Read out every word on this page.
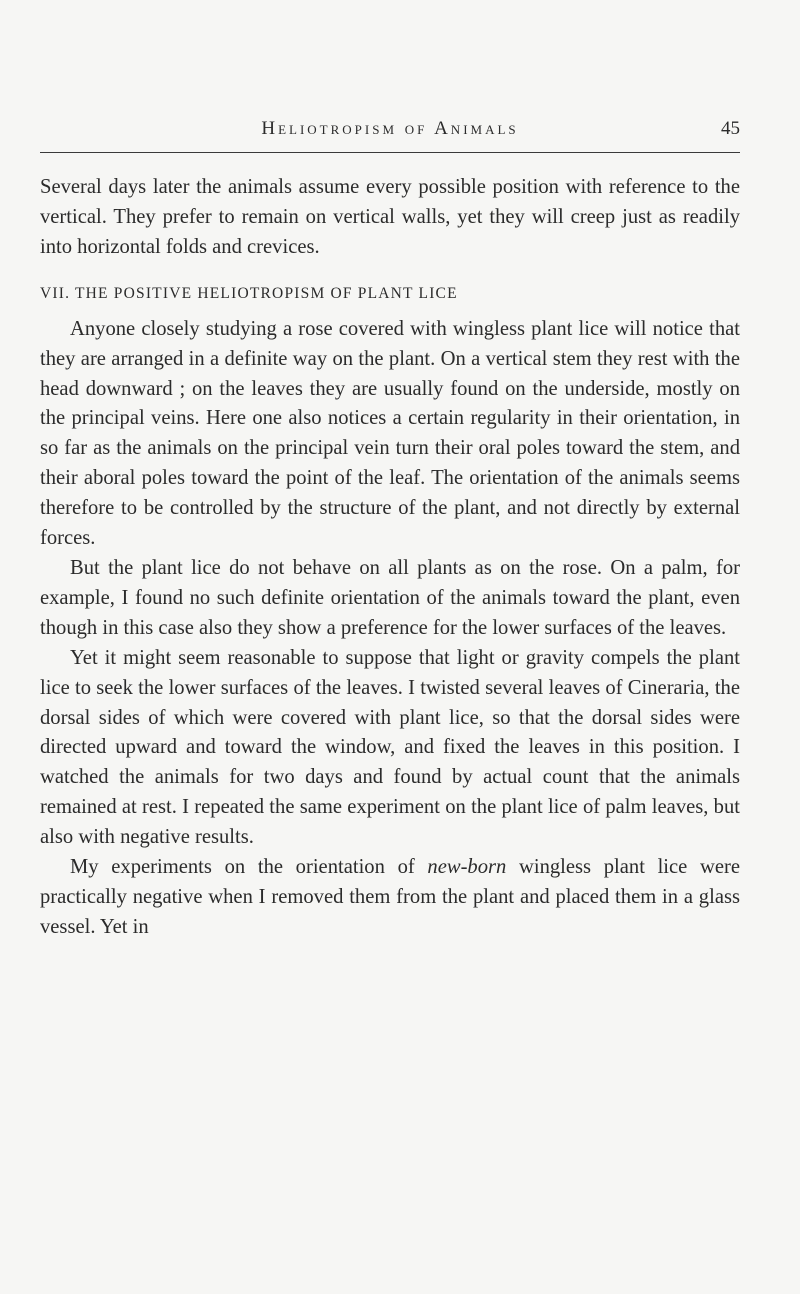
Heliotropism of Animals	45

Several days later the animals assume every possible position with reference to the vertical. They prefer to remain on vertical walls, yet they will creep just as readily into horizontal folds and crevices.

VII. THE POSITIVE HELIOTROPISM OF PLANT LICE

Anyone closely studying a rose covered with wingless plant lice will notice that they are arranged in a definite way on the plant. On a vertical stem they rest with the head downward ; on the leaves they are usually found on the underside, mostly on the principal veins. Here one also notices a certain regularity in their orientation, in so far as the animals on the principal vein turn their oral poles toward the stem, and their aboral poles toward the point of the leaf. The orientation of the animals seems therefore to be controlled by the structure of the plant, and not directly by external forces.

But the plant lice do not behave on all plants as on the rose. On a palm, for example, I found no such definite orientation of the animals toward the plant, even though in this case also they show a preference for the lower surfaces of the leaves.

Yet it might seem reasonable to suppose that light or gravity compels the plant lice to seek the lower surfaces of the leaves. I twisted several leaves of Cineraria, the dorsal sides of which were covered with plant lice, so that the dorsal sides were directed upward and toward the window, and fixed the leaves in this position. I watched the animals for two days and found by actual count that the animals remained at rest. I repeated the same experiment on the plant lice of palm leaves, but also with negative results.

My experiments on the orientation of new-born wingless plant lice were practically negative when I removed them from the plant and placed them in a glass vessel. Yet in
